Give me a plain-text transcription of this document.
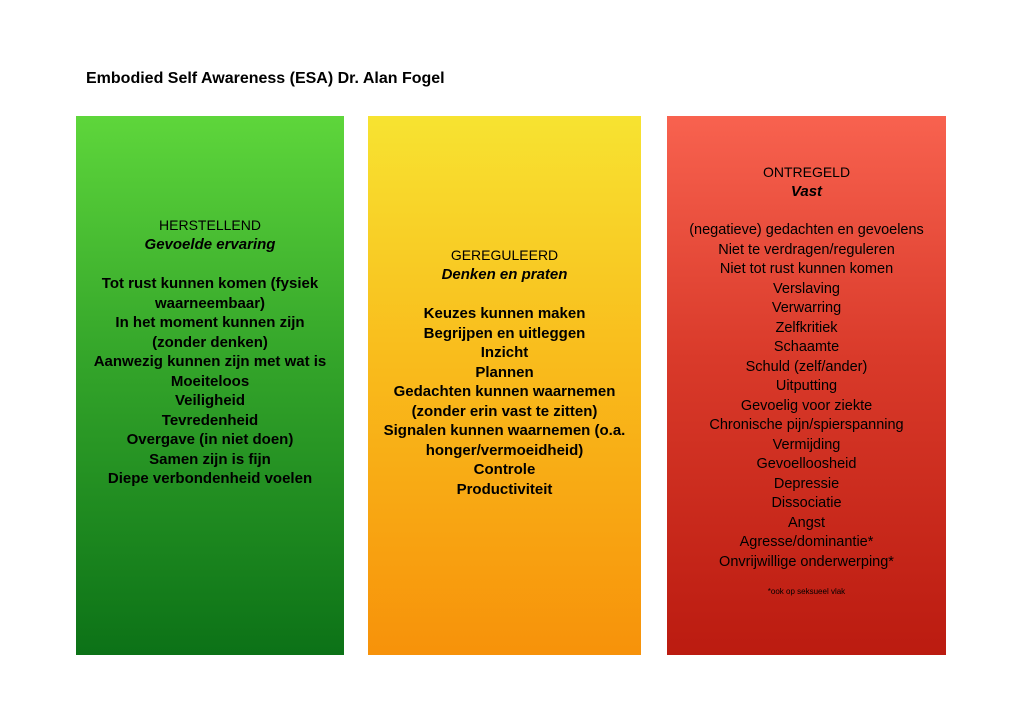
Embodied Self Awareness (ESA) Dr. Alan Fogel
HERSTELLEND
Gevoelde ervaring
Tot rust kunnen komen (fysiek waarneembaar)
In het moment kunnen zijn (zonder denken)
Aanwezig kunnen zijn met wat is
Moeiteloos
Veiligheid
Tevredenheid
Overgave (in niet doen)
Samen zijn is fijn
Diepe verbondenheid voelen
GEREGULEERD
Denken en praten
Keuzes kunnen maken
Begrijpen en uitleggen
Inzicht
Plannen
Gedachten kunnen waarnemen (zonder erin vast te zitten)
Signalen kunnen waarnemen (o.a. honger/vermoeidheid)
Controle
Productiviteit
ONTREGELD
Vast
(negatieve) gedachten en gevoelens
Niet te verdragen/reguleren
Niet tot rust kunnen komen
Verslaving
Verwarring
Zelfkritiek
Schaamte
Schuld (zelf/ander)
Uitputting
Gevoelig voor ziekte
Chronische pijn/spierspanning
Vermijding
Gevoelloosheid
Depressie
Dissociatie
Angst
Agresse/dominantie*
Onvrijwillige onderwerping*
*ook op seksueel vlak
